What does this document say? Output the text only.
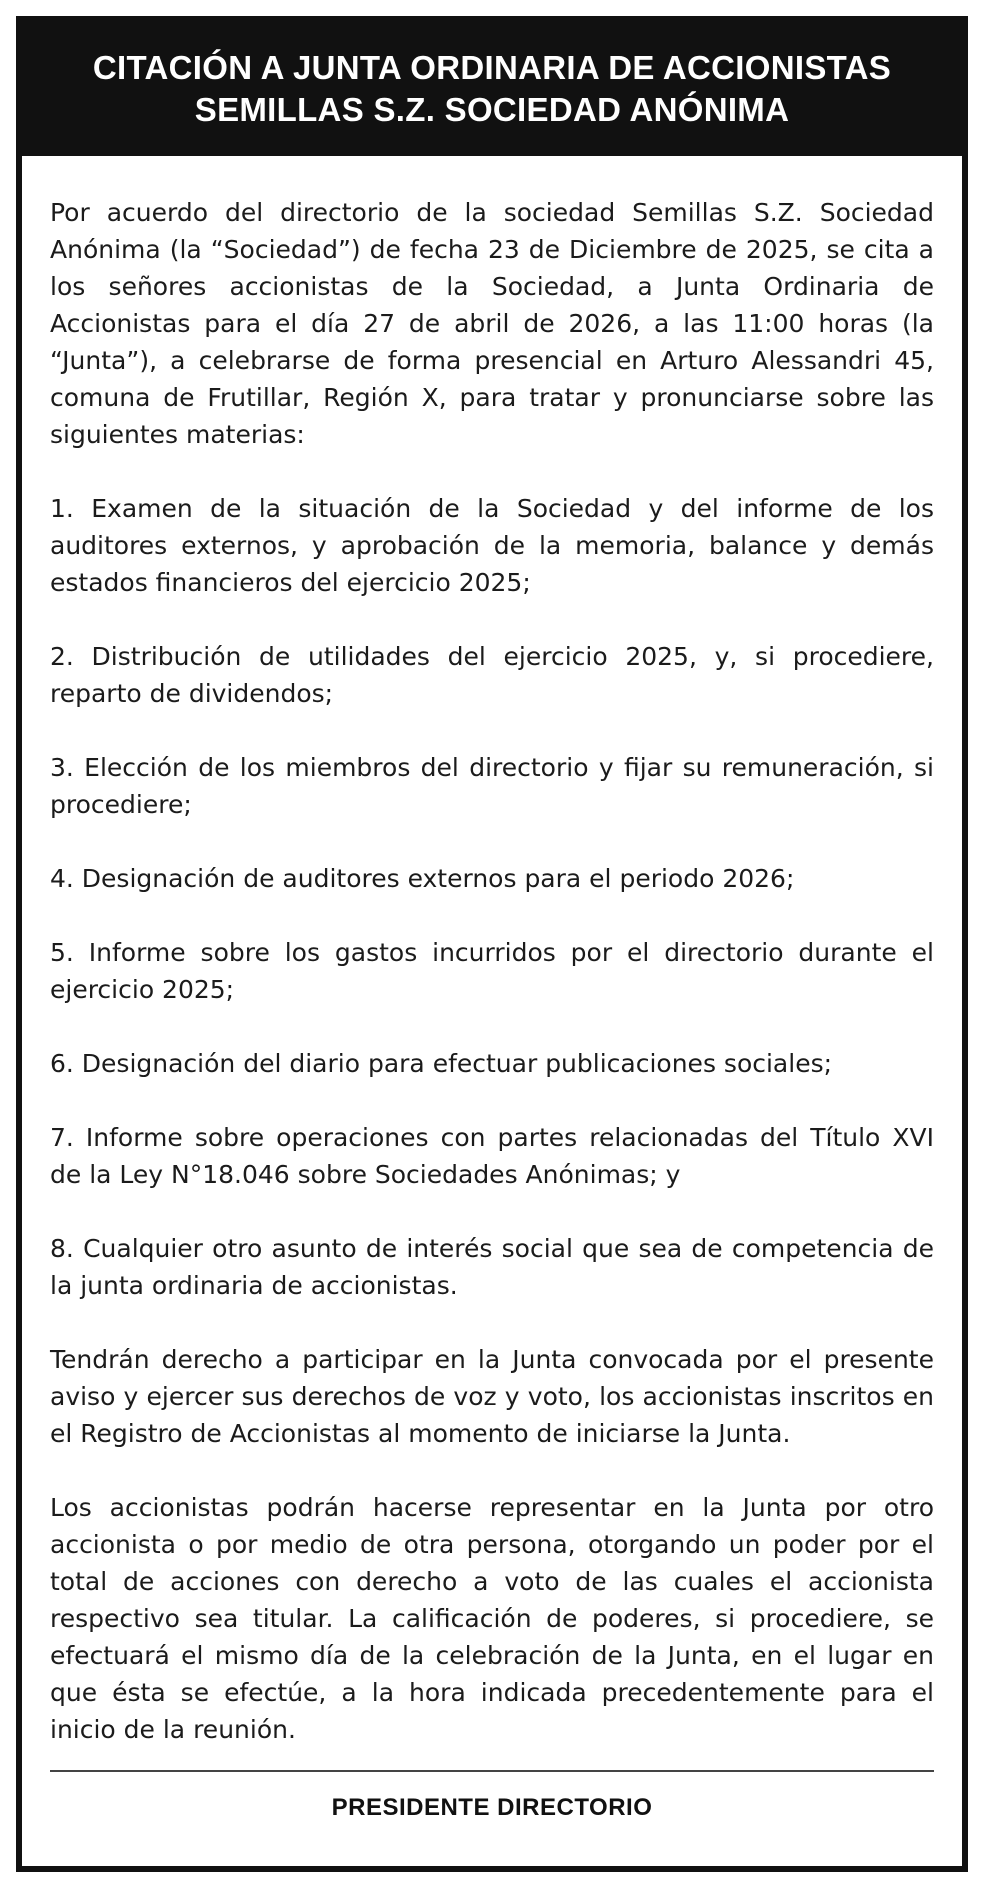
CITACIÓN A JUNTA ORDINARIA DE ACCIONISTAS
SEMILLAS S.Z. SOCIEDAD ANÓNIMA

Por acuerdo del directorio de la sociedad Semillas S.Z. Sociedad Anónima (la “Sociedad”) de fecha 23 de Diciembre de 2025, se cita a los señores accionistas de la Sociedad, a Junta Ordinaria de Accionistas para el día 27 de abril de 2026, a las 11:00 horas (la “Junta”), a celebrarse de forma presencial en Arturo Alessandri 45, comuna de Frutillar, Región X, para tratar y pronunciarse sobre las siguientes materias:

1. Examen de la situación de la Sociedad y del informe de los auditores externos, y aprobación de la memoria, balance y demás estados financieros del ejercicio 2025;

2. Distribución de utilidades del ejercicio 2025, y, si procediere, reparto de dividendos;

3. Elección de los miembros del directorio y fijar su remuneración, si procediere;

4. Designación de auditores externos para el periodo 2026;

5. Informe sobre los gastos incurridos por el directorio durante el ejercicio 2025;

6. Designación del diario para efectuar publicaciones sociales;

7. Informe sobre operaciones con partes relacionadas del Título XVI de la Ley N°18.046 sobre Sociedades Anónimas; y

8. Cualquier otro asunto de interés social que sea de competencia de la junta ordinaria de accionistas.

Tendrán derecho a participar en la Junta convocada por el presente aviso y ejercer sus derechos de voz y voto, los accionistas inscritos en el Registro de Accionistas al momento de iniciarse la Junta.

Los accionistas podrán hacerse representar en la Junta por otro accionista o por medio de otra persona, otorgando un poder por el total de acciones con derecho a voto de las cuales el accionista respectivo sea titular. La calificación de poderes, si procediere, se efectuará el mismo día de la celebración de la Junta, en el lugar en que ésta se efectúe, a la hora indicada precedentemente para el inicio de la reunión.

PRESIDENTE DIRECTORIO
